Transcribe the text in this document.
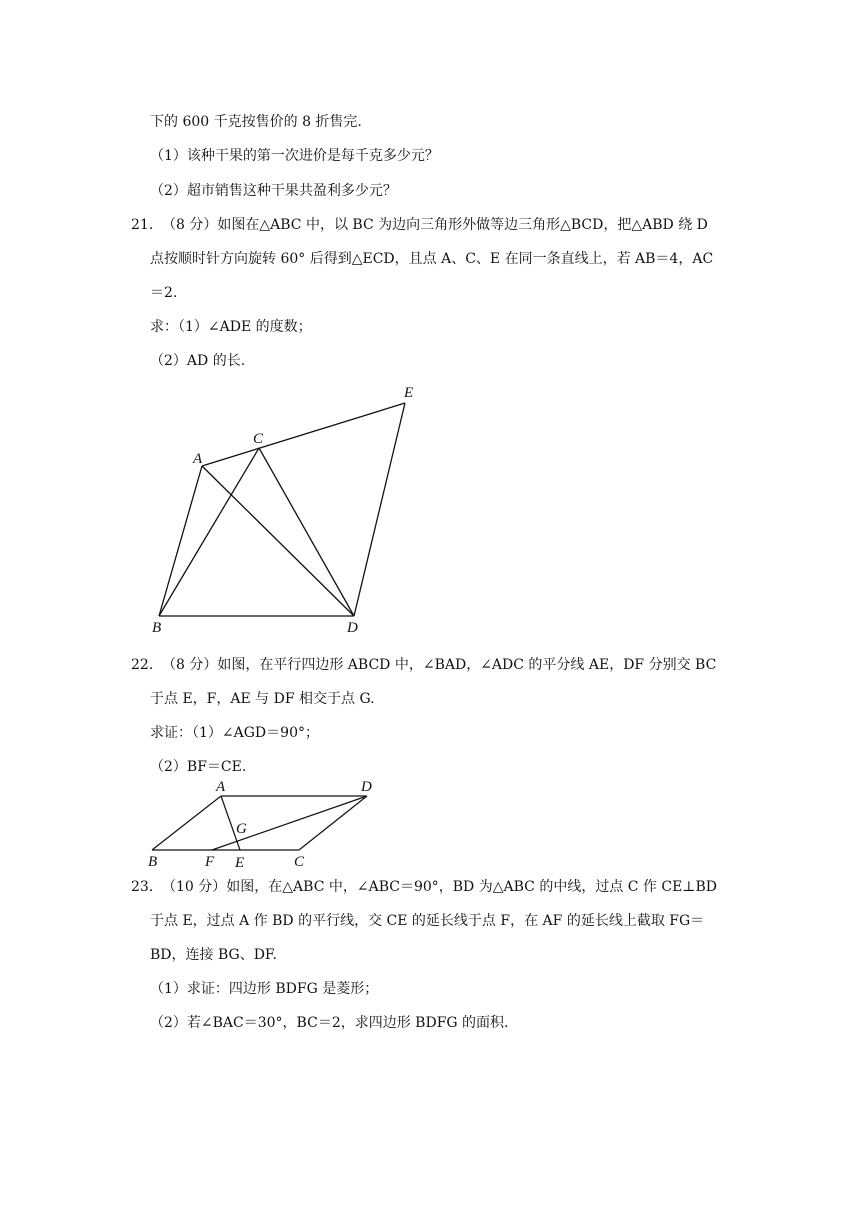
下的 600 千克按售价的 8 折售完.
（1）该种干果的第一次进价是每千克多少元？
（2）超市销售这种干果共盈利多少元？
21． （8 分）如图在△ABC 中，以 BC 为边向三角形外做等边三角形△BCD，把△ABD 绕 D
点按顺时针方向旋转 60° 后得到△ECD，且点 A、C、E 在同一条直线上，若 AB＝4，AC
＝2.
求：（1）∠ADE 的度数；
（2）AD 的长.
E
C
A
B	D
22． （8 分）如图，在平行四边形 ABCD 中，∠BAD，∠ADC 的平分线 AE，DF 分别交 BC
于点 E，F，AE 与 DF 相交于点 G.
求证：（1）∠AGD＝90°；
（2）BF＝CE.
A	D
G
B	F E	C
23． （10 分）如图，在△ABC 中，∠ABC＝90°，BD 为△ABC 的中线，过点 C 作 CE⊥BD
于点 E，过点 A 作 BD 的平行线，交 CE 的延长线于点 F，在 AF 的延长线上截取 FG＝
BD，连接 BG、DF.
（1）求证：四边形 BDFG 是菱形；
（2）若∠BAC＝30°，BC＝2，求四边形 BDFG 的面积.
